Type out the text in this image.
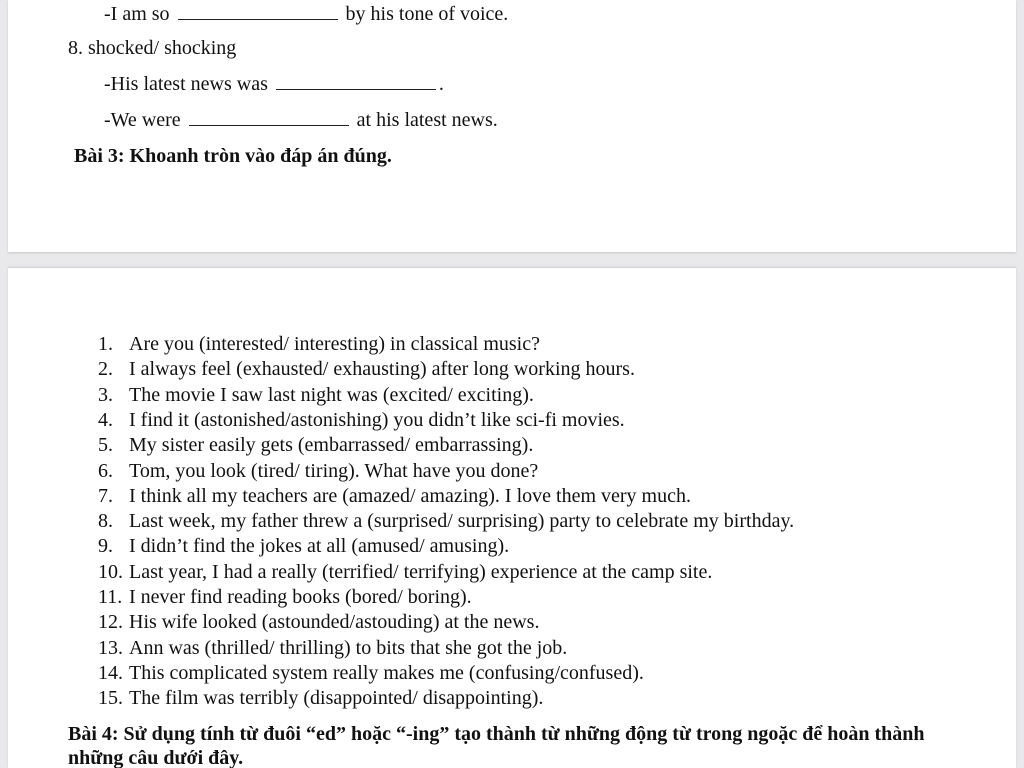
-I am so	by his tone of voice.
8. shocked/ shocking
-His latest news was	.
-We were	at his latest news.
Bài 3: Khoanh tròn vào đáp án đúng.
1. Are you (interested/ interesting) in classical music?
2. I always feel (exhausted/ exhausting) after long working hours.
3. The movie I saw last night was (excited/ exciting).
4. I find it (astonished/astonishing) you didn’t like sci-fi movies.
5. My sister easily gets (embarrassed/ embarrassing).
6. Tom, you look (tired/ tiring). What have you done?
7. I think all my teachers are (amazed/ amazing). I love them very much.
8. Last week, my father threw a (surprised/ surprising) party to celebrate my birthday.
9. I didn’t find the jokes at all (amused/ amusing).
10. Last year, I had a really (terrified/ terrifying) experience at the camp site.
11. I never find reading books (bored/ boring).
12. His wife looked (astounded/astouding) at the news.
13. Ann was (thrilled/ thrilling) to bits that she got the job.
14. This complicated system really makes me (confusing/confused).
15. The film was terribly (disappointed/ disappointing).
Bài 4: Sử dụng tính từ đuôi “ed” hoặc “-ing” tạo thành từ những động từ trong ngoặc để hoàn thành những câu dưới đây.
